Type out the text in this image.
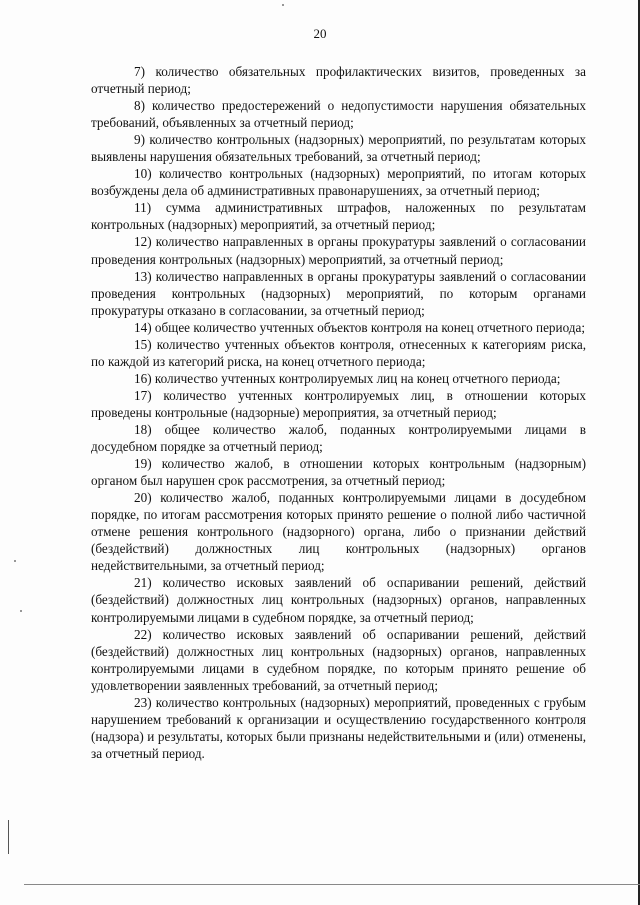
20

7) количество обязательных профилактических визитов, проведенных за отчетный период;

8) количество предостережений о недопустимости нарушения обязательных требований, объявленных за отчетный период;

9) количество контрольных (надзорных) мероприятий, по результатам которых выявлены нарушения обязательных требований, за отчетный период;

10) количество контрольных (надзорных) мероприятий, по итогам которых возбуждены дела об административных правонарушениях, за отчетный период;

11) сумма административных штрафов, наложенных по результатам контрольных (надзорных) мероприятий, за отчетный период;

12) количество направленных в органы прокуратуры заявлений о согласовании проведения контрольных (надзорных) мероприятий, за отчетный период;

13) количество направленных в органы прокуратуры заявлений о согласовании проведения контрольных (надзорных) мероприятий, по которым органами прокуратуры отказано в согласовании, за отчетный период;

14) общее количество учтенных объектов контроля на конец отчетного периода;

15) количество учтенных объектов контроля, отнесенных к категориям риска, по каждой из категорий риска, на конец отчетного периода;

16) количество учтенных контролируемых лиц на конец отчетного периода;

17) количество учтенных контролируемых лиц, в отношении которых проведены контрольные (надзорные) мероприятия, за отчетный период;

18) общее количество жалоб, поданных контролируемыми лицами в досудебном порядке за отчетный период;

19) количество жалоб, в отношении которых контрольным (надзорным) органом был нарушен срок рассмотрения, за отчетный период;

20) количество жалоб, поданных контролируемыми лицами в досудебном порядке, по итогам рассмотрения которых принято решение о полной либо частичной отмене решения контрольного (надзорного) органа, либо о признании действий (бездействий) должностных лиц контрольных (надзорных) органов недействительными, за отчетный период;

21) количество исковых заявлений об оспаривании решений, действий (бездействий) должностных лиц контрольных (надзорных) органов, направленных контролируемыми лицами в судебном порядке, за отчетный период;

22) количество исковых заявлений об оспаривании решений, действий (бездействий) должностных лиц контрольных (надзорных) органов, направленных контролируемыми лицами в судебном порядке, по которым принято решение об удовлетворении заявленных требований, за отчетный период;

23) количество контрольных (надзорных) мероприятий, проведенных с грубым нарушением требований к организации и осуществлению государственного контроля (надзора) и результаты, которых были признаны недействительными и (или) отменены, за отчетный период.
